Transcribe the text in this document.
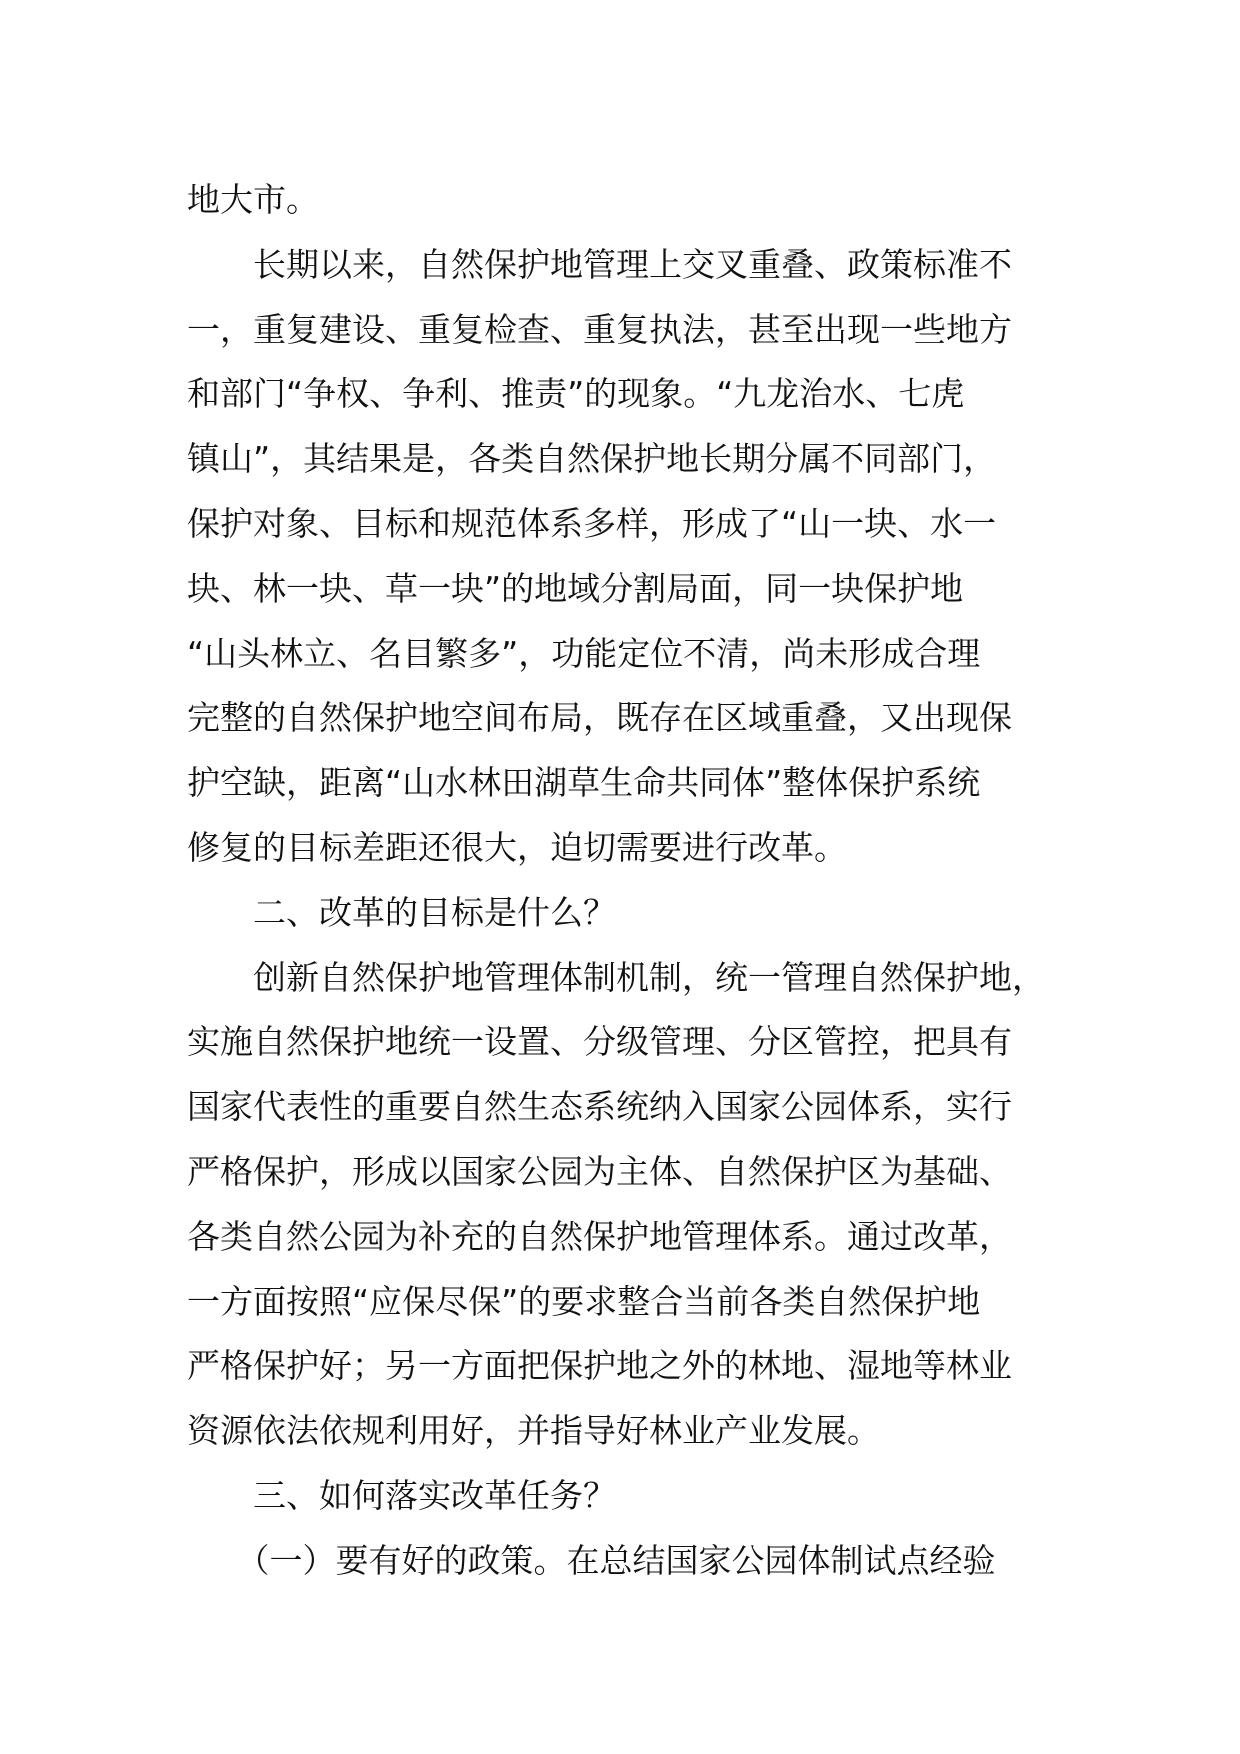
地大市。
　　长期以来，自然保护地管理上交叉重叠、政策标准不
一，重复建设、重复检查、重复执法，甚至出现一些地方
和部门“争权、争利、推责”的现象。“九龙治水、七虎
镇山”，其结果是，各类自然保护地长期分属不同部门，
保护对象、目标和规范体系多样，形成了“山一块、水一
块、林一块、草一块”的地域分割局面，同一块保护地
“山头林立、名目繁多”，功能定位不清，尚未形成合理
完整的自然保护地空间布局，既存在区域重叠，又出现保
护空缺，距离“山水林田湖草生命共同体”整体保护系统
修复的目标差距还很大，迫切需要进行改革。
　　二、改革的目标是什么？
　　创新自然保护地管理体制机制，统一管理自然保护地，
实施自然保护地统一设置、分级管理、分区管控，把具有
国家代表性的重要自然生态系统纳入国家公园体系，实行
严格保护，形成以国家公园为主体、自然保护区为基础、
各类自然公园为补充的自然保护地管理体系。通过改革，
一方面按照“应保尽保”的要求整合当前各类自然保护地
严格保护好；另一方面把保护地之外的林地、湿地等林业
资源依法依规利用好，并指导好林业产业发展。
　　三、如何落实改革任务？
　　（一）要有好的政策。在总结国家公园体制试点经验
